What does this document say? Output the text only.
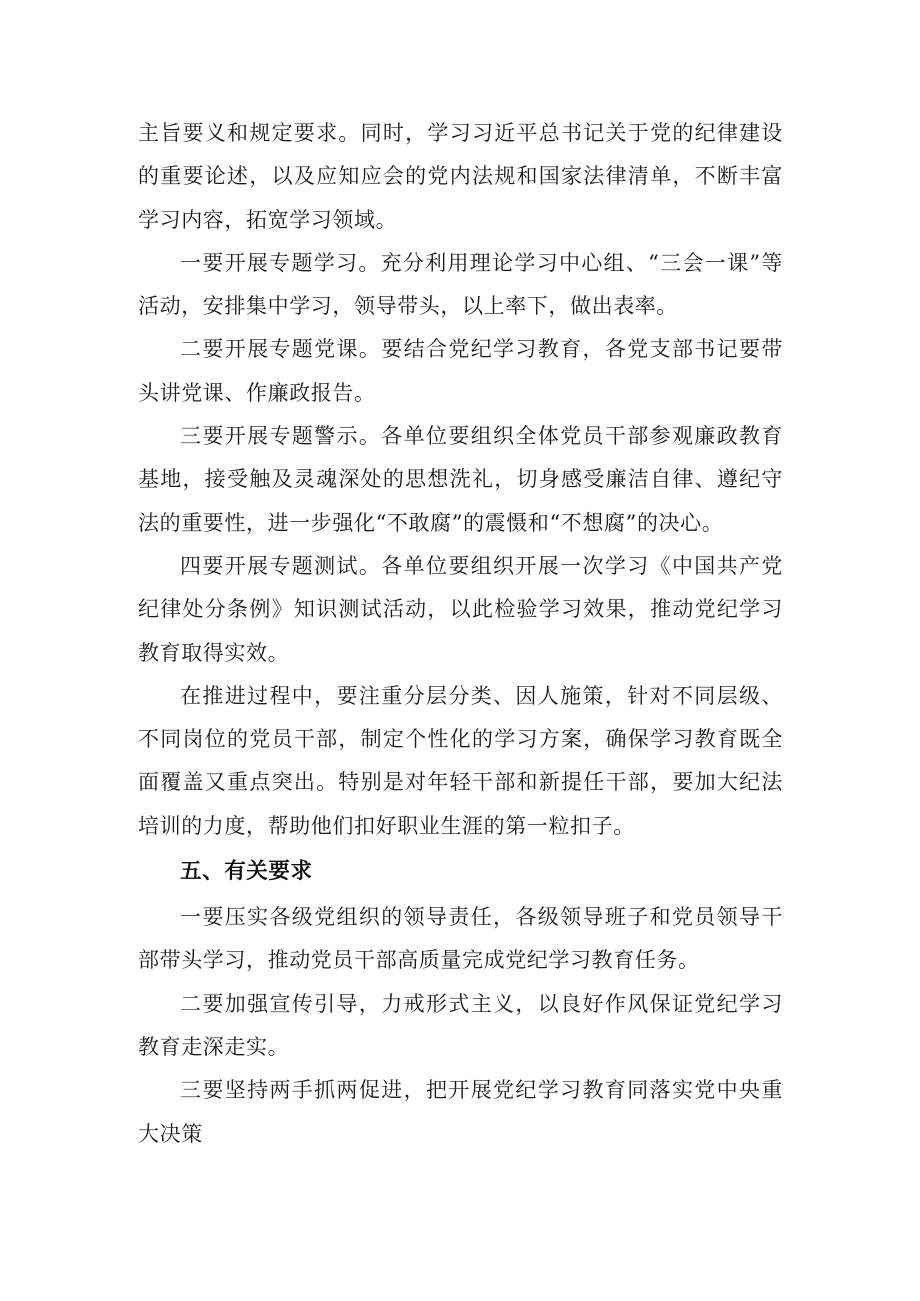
主旨要义和规定要求。同时，学习习近平总书记关于党的纪律建设的重要论述，以及应知应会的党内法规和国家法律清单，不断丰富学习内容，拓宽学习领域。

一要开展专题学习。充分利用理论学习中心组、“三会一课”等活动，安排集中学习，领导带头，以上率下，做出表率。

二要开展专题党课。要结合党纪学习教育，各党支部书记要带头讲党课、作廉政报告。

三要开展专题警示。各单位要组织全体党员干部参观廉政教育基地，接受触及灵魂深处的思想洗礼，切身感受廉洁自律、遵纪守法的重要性，进一步强化“不敢腐”的震慑和“不想腐”的决心。

四要开展专题测试。各单位要组织开展一次学习《中国共产党纪律处分条例》知识测试活动，以此检验学习效果，推动党纪学习教育取得实效。

在推进过程中，要注重分层分类、因人施策，针对不同层级、不同岗位的党员干部，制定个性化的学习方案，确保学习教育既全面覆盖又重点突出。特别是对年轻干部和新提任干部，要加大纪法培训的力度，帮助他们扣好职业生涯的第一粒扣子。

五、有关要求

一要压实各级党组织的领导责任，各级领导班子和党员领导干部带头学习，推动党员干部高质量完成党纪学习教育任务。

二要加强宣传引导，力戒形式主义，以良好作风保证党纪学习教育走深走实。

三要坚持两手抓两促进，把开展党纪学习教育同落实党中央重大决策
